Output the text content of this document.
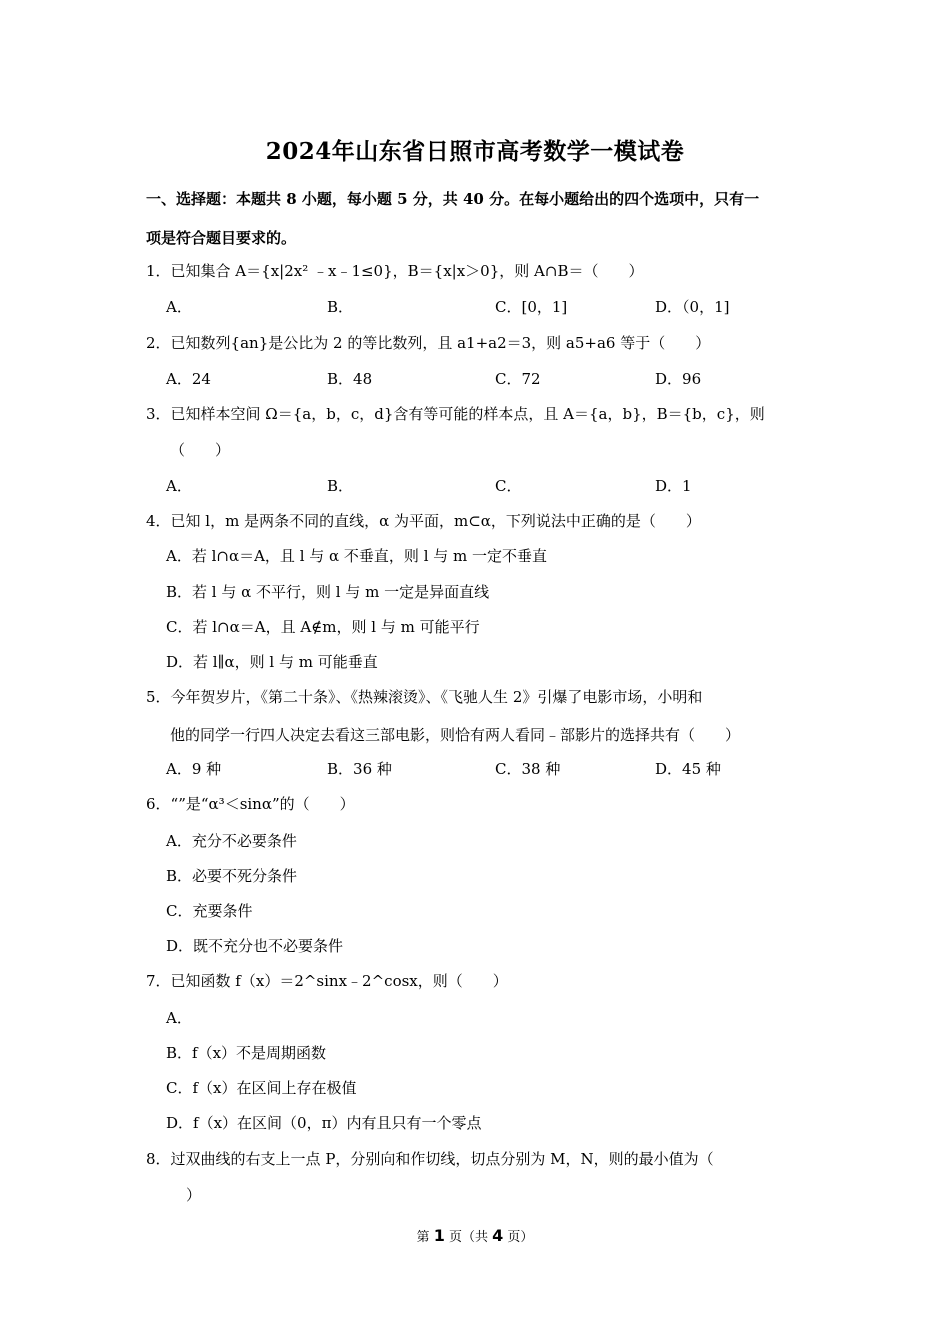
2024年山东省日照市高考数学一模试卷
一、选择题：本题共 8 小题，每小题 5 分，共 40 分。在每小题给出的四个选项中，只有一
项是符合题目要求的。
1．已知集合 A＝{x|2x² ﹣x﹣1≤0}，B＝{x|x＞0}，则 A∩B＝（　　）
A．	B．	C．[0，1]	D．（0，1]
2．已知数列{an}是公比为 2 的等比数列，且 a1+a2＝3，则 a5+a6 等于（　　）
A．24	B．48	C．72	D．96
3．已知样本空间 Ω＝{a，b，c，d}含有等可能的样本点，且 A＝{a，b}，B＝{b，c}，则
（　　）
A．	B．	C．	D．1
4．已知 l，m 是两条不同的直线，α 为平面，m⊂α，下列说法中正确的是（　　）
A．若 l∩α＝A，且 l 与 α 不垂直，则 l 与 m 一定不垂直
B．若 l 与 α 不平行，则 l 与 m 一定是异面直线
C．若 l∩α＝A，且 A∉m，则 l 与 m 可能平行
D．若 l∥α，则 l 与 m 可能垂直
5．今年贺岁片，《第二十条》、《热辣滚烫》、《飞驰人生 2》引爆了电影市场，小明和
他的同学一行四人决定去看这三部电影，则恰有两人看同﹣部影片的选择共有（　　）
A．9 种	B．36 种	C．38 种	D．45 种
6．“”是“α³＜sinα”的（　　）
A．充分不必要条件
B．必要不死分条件
C．充要条件
D．既不充分也不必要条件
7．已知函数 f（x）＝2^sinx﹣2^cosx，则（　　）
A．
B．f（x）不是周期函数
C．f（x）在区间上存在极值
D．f（x）在区间（0，π）内有且只有一个零点
8．过双曲线的右支上一点 P，分别向和作切线，切点分别为 M，N，则的最小值为（
）
第 1 页（共 4 页）
